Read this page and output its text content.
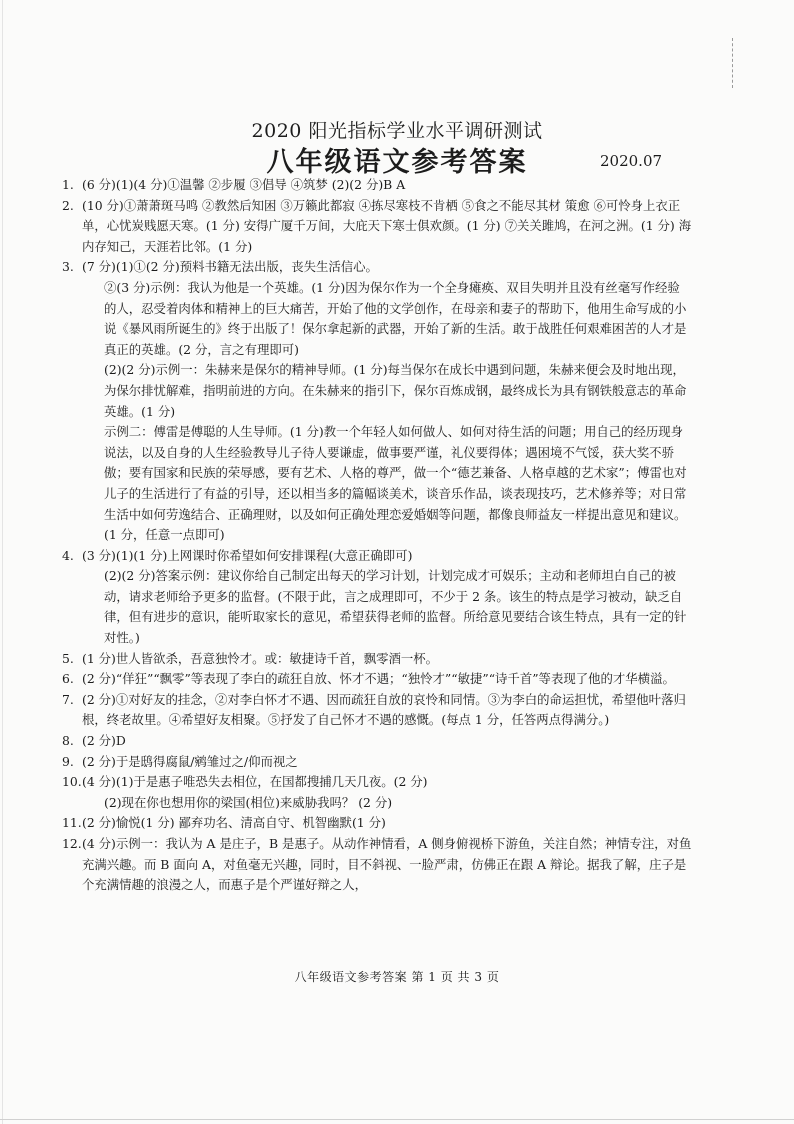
2020 阳光指标学业水平调研测试
八年级语文参考答案	2020.07
1. (6 分)(1)(4 分)①温馨 ②步履 ③倡导 ④筑梦 (2)(2 分)B A
2. (10 分)①萧萧斑马鸣 ②教然后知困 ③万籁此都寂 ④拣尽寒枝不肯栖 ⑤食之不能尽其材 策愈 ⑥可怜身上衣正单，心忧炭贱愿天寒。(1 分) 安得广厦千万间，大庇天下寒士俱欢颜。(1 分) ⑦关关雎鸠，在河之洲。(1 分) 海内存知己，天涯若比邻。(1 分)
3. (7 分)(1)①(2 分)预料书籍无法出版，丧失生活信心。
②(3 分)示例：我认为他是一个英雄。(1 分)因为保尔作为一个全身瘫痪、双目失明并且没有丝毫写作经验的人，忍受着肉体和精神上的巨大痛苦，开始了他的文学创作，在母亲和妻子的帮助下，他用生命写成的小说《暴风雨所诞生的》终于出版了！保尔拿起新的武器，开始了新的生活。敢于战胜任何艰难困苦的人才是真正的英雄。(2 分，言之有理即可)
(2)(2 分)示例一：朱赫来是保尔的精神导师。(1 分)每当保尔在成长中遇到问题，朱赫来便会及时地出现，为保尔排忧解难，指明前进的方向。在朱赫来的指引下，保尔百炼成钢，最终成长为具有钢铁般意志的革命英雄。(1 分)
示例二：傅雷是傅聪的人生导师。(1 分)教一个年轻人如何做人、如何对待生活的问题；用自己的经历现身说法，以及自身的人生经验教导儿子待人要谦虚，做事要严谨，礼仪要得体；遇困境不气馁，获大奖不骄傲；要有国家和民族的荣辱感，要有艺术、人格的尊严，做一个“德艺兼备、人格卓越的艺术家”；傅雷也对儿子的生活进行了有益的引导，还以相当多的篇幅谈美术，谈音乐作品，谈表现技巧，艺术修养等；对日常生活中如何劳逸结合、正确理财，以及如何正确处理恋爱婚姻等问题，都像良师益友一样提出意见和建议。(1 分，任意一点即可)
4. (3 分)(1)(1 分)上网课时你希望如何安排课程(大意正确即可)
(2)(2 分)答案示例：建议你给自己制定出每天的学习计划，计划完成才可娱乐；主动和老师坦白自己的被动，请求老师给予更多的监督。(不限于此，言之成理即可，不少于 2 条。该生的特点是学习被动，缺乏自律，但有进步的意识，能听取家长的意见，希望获得老师的监督。所给意见要结合该生特点，具有一定的针对性。)
5. (1 分)世人皆欲杀，吾意独怜才。或：敏捷诗千首，飘零酒一杯。
6. (2 分)“佯狂”“飘零”等表现了李白的疏狂自放、怀才不遇；“独怜才”“敏捷”“诗千首”等表现了他的才华横溢。
7. (2 分)①对好友的挂念，②对李白怀才不遇、因而疏狂自放的哀怜和同情。③为李白的命运担忧，希望他叶落归根，终老故里。④希望好友相聚。⑤抒发了自己怀才不遇的感慨。(每点 1 分，任答两点得满分。)
8. (2 分)D
9. (2 分)于是鸱得腐鼠/鹓雏过之/仰而视之
10. (4 分)(1)于是惠子唯恐失去相位，在国都搜捕几天几夜。(2 分)
(2)现在你也想用你的梁国(相位)来威胁我吗？ (2 分)
11. (2 分)愉悦(1 分) 鄙弃功名、清高自守、机智幽默(1 分)
12. (4 分)示例一：我认为 A 是庄子，B 是惠子。从动作神情看，A 侧身俯视桥下游鱼，关注自然；神情专注，对鱼充满兴趣。而 B 面向 A，对鱼毫无兴趣，同时，目不斜视、一脸严肃，仿佛正在跟 A 辩论。据我了解，庄子是个充满情趣的浪漫之人，而惠子是个严谨好辩之人，
八年级语文参考答案 第 1 页 共 3 页
